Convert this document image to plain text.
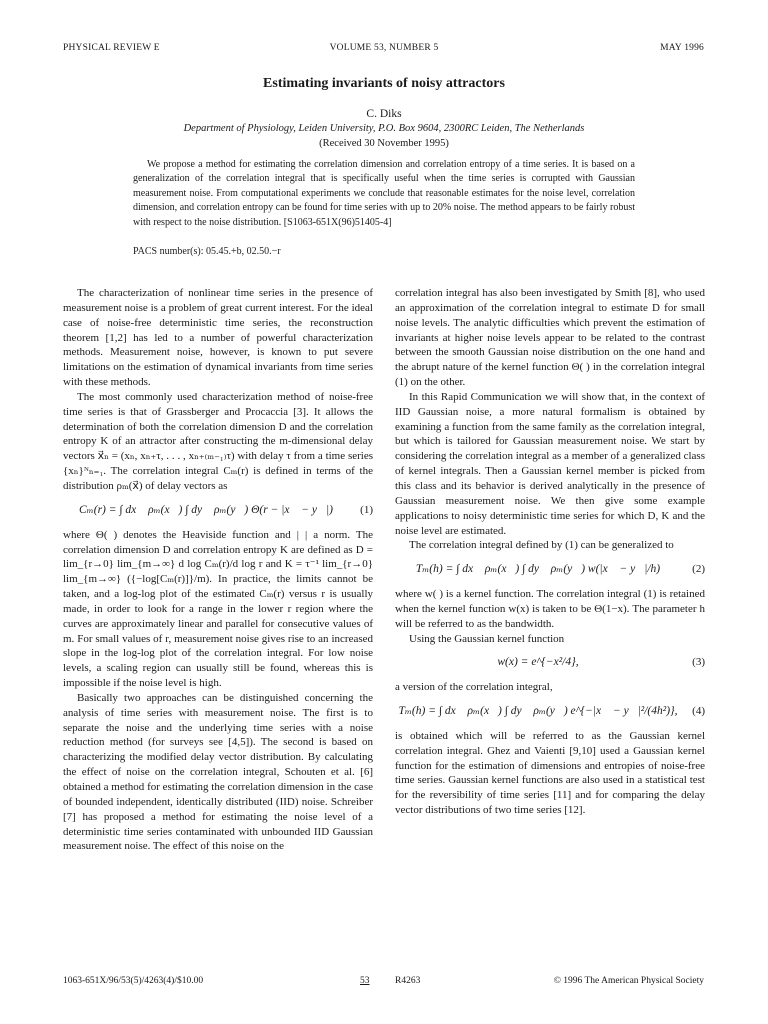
PHYSICAL REVIEW E	VOLUME 53, NUMBER 5	MAY 1996
Estimating invariants of noisy attractors
C. Diks
Department of Physiology, Leiden University, P.O. Box 9604, 2300RC Leiden, The Netherlands
(Received 30 November 1995)
We propose a method for estimating the correlation dimension and correlation entropy of a time series. It is based on a generalization of the correlation integral that is specifically useful when the time series is corrupted with Gaussian measurement noise. From computational experiments we conclude that reasonable estimates for the noise level, correlation dimension, and correlation entropy can be found for time series with up to 20% noise. The method appears to be fairly robust with respect to the noise distribution. [S1063-651X(96)51405-4]
PACS number(s): 05.45.+b, 02.50.−r

The characterization of nonlinear time series in the presence of measurement noise is a problem of great current interest. For the ideal case of noise-free deterministic time series, the reconstruction theorem [1,2] has led to a number of powerful characterization methods. Measurement noise, however, is known to put severe limitations on the estimation of dynamical invariants from time series with these methods.

The most commonly used characterization method of noise-free time series is that of Grassberger and Procaccia [3]. It allows the determination of both the correlation dimension D and the correlation entropy K of an attractor after constructing the m-dimensional delay vectors x⃗ₙ = (xₙ, xₙ₊τ, . . . , xₙ₊₍ₘ₋₁₎τ) with delay τ from a time series {xₙ}ᴺₙ₌₁. The correlation integral Cₘ(r) is defined in terms of the distribution ρₘ(x⃗) of delay vectors as

Cₘ(r) = ∫ dx⃗ ρₘ(x⃗) ∫ dy⃗ ρₘ(y⃗) Θ(r − |x⃗ − y⃗|)	(1)

where Θ( ) denotes the Heaviside function and | | a norm. The correlation dimension D and correlation entropy K are defined as D = lim_{r→0} lim_{m→∞} d log Cₘ(r)/d log r and K = τ⁻¹ lim_{r→0} lim_{m→∞} ({−log[Cₘ(r)]}/m). In practice, the limits cannot be taken, and a log-log plot of the estimated Cₘ(r) versus r is usually made, in order to look for a range in the lower r region where the curves are approximately linear and parallel for consecutive values of m. For small values of r, measurement noise gives rise to an increased slope in the log-log plot of the correlation integral. For low noise levels, a scaling region can usually still be found, whereas this is impossible if the noise level is high.

Basically two approaches can be distinguished concerning the analysis of time series with measurement noise. The first is to separate the noise and the underlying time series with a noise reduction method (for surveys see [4,5]). The second is based on characterizing the modified delay vector distribution. By calculating the effect of noise on the correlation integral, Schouten et al. [6] obtained a method for estimating the correlation dimension in the case of bounded independent, identically distributed (IID) noise. Schreiber [7] has proposed a method for estimating the noise level of a deterministic time series contaminated with unbounded IID Gaussian measurement noise. The effect of this noise on the

correlation integral has also been investigated by Smith [8], who used an approximation of the correlation integral to estimate D for small noise levels. The analytic difficulties which prevent the estimation of invariants at higher noise levels appear to be related to the contrast between the smooth Gaussian noise distribution on the one hand and the abrupt nature of the kernel function Θ( ) in the correlation integral (1) on the other.

In this Rapid Communication we will show that, in the context of IID Gaussian noise, a more natural formalism is obtained by examining a function from the same family as the correlation integral, but which is tailored for Gaussian measurement noise. We start by considering the correlation integral as a member of a generalized class of kernel integrals. Then a Gaussian kernel member is picked from this class and its behavior is derived analytically in the presence of Gaussian measurement noise. We then give some example applications to noisy deterministic time series for which D, K and the noise level are estimated.

The correlation integral defined by (1) can be generalized to

Tₘ(h) = ∫ dx⃗ ρₘ(x⃗) ∫ dy⃗ ρₘ(y⃗) w(|x⃗ − y⃗|/h)	(2)

where w( ) is a kernel function. The correlation integral (1) is retained when the kernel function w(x) is taken to be Θ(1−x). The parameter h will be referred to as the bandwidth.

Using the Gaussian kernel function

w(x) = e^{−x²/4},	(3)

a version of the correlation integral,

Tₘ(h) = ∫ dx⃗ ρₘ(x⃗) ∫ dy⃗ ρₘ(y⃗) e^{−|x⃗ − y⃗|²/(4h²)},	(4)

is obtained which will be referred to as the Gaussian kernel correlation integral. Ghez and Vaienti [9,10] used a Gaussian kernel function for the estimation of dimensions and entropies of noise-free time series. Gaussian kernel functions are also used in a statistical test for the reversibility of time series [11] and for comparing the delay vector distributions of two time series [12].

1063-651X/96/53(5)/4263(4)/$10.00	53	R4263	© 1996 The American Physical Society
